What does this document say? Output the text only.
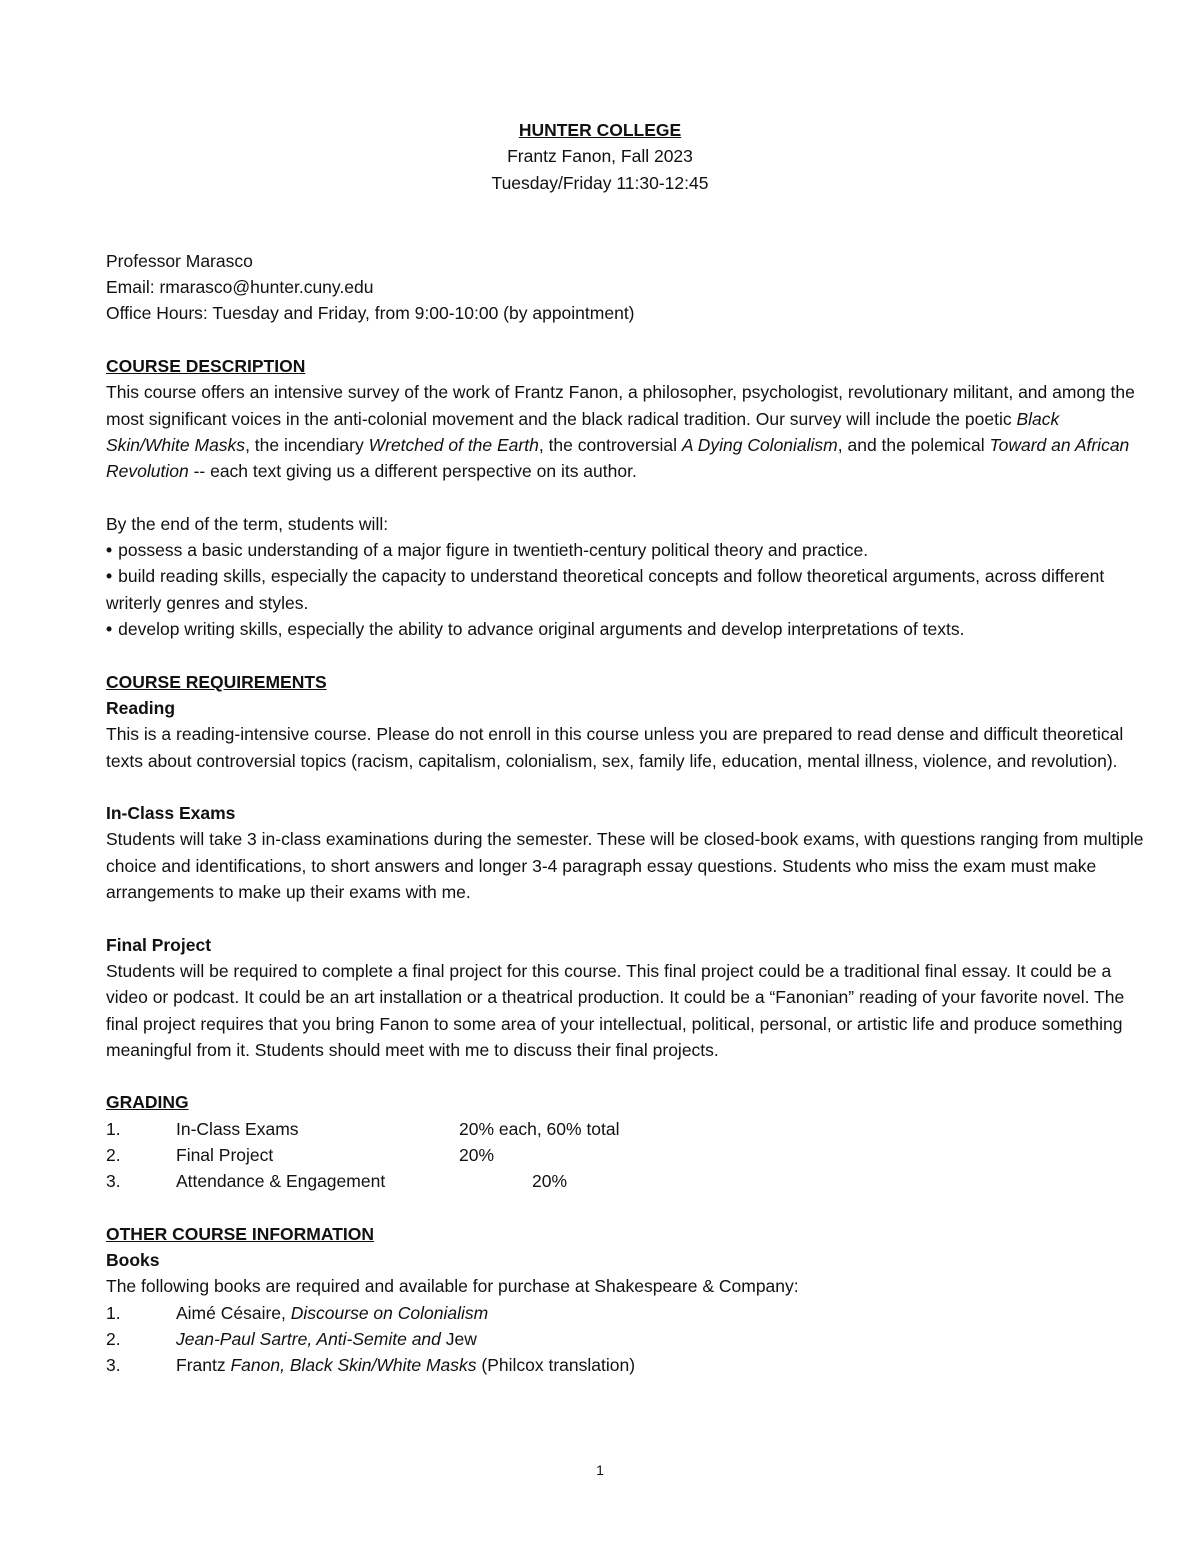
HUNTER COLLEGE
Frantz Fanon, Fall 2023
Tuesday/Friday 11:30-12:45
Professor Marasco
Email: rmarasco@hunter.cuny.edu
Office Hours: Tuesday and Friday, from 9:00-10:00 (by appointment)
COURSE DESCRIPTION

This course offers an intensive survey of the work of Frantz Fanon, a philosopher, psychologist, revolutionary militant, and among the most significant voices in the anti-colonial movement and the black radical tradition. Our survey will include the poetic Black Skin/White Masks, the incendiary Wretched of the Earth, the controversial A Dying Colonialism, and the polemical Toward an African Revolution -- each text giving us a different perspective on its author.

By the end of the term, students will:
• possess a basic understanding of a major figure in twentieth-century political theory and practice.
• build reading skills, especially the capacity to understand theoretical concepts and follow theoretical arguments, across different writerly genres and styles.
• develop writing skills, especially the ability to advance original arguments and develop interpretations of texts.
COURSE REQUIREMENTS
Reading

This is a reading-intensive course. Please do not enroll in this course unless you are prepared to read dense and difficult theoretical texts about controversial topics (racism, capitalism, colonialism, sex, family life, education, mental illness, violence, and revolution).

In-Class Exams

Students will take 3 in-class examinations during the semester. These will be closed-book exams, with questions ranging from multiple choice and identifications, to short answers and longer 3-4 paragraph essay questions. Students who miss the exam must make arrangements to make up their exams with me.

Final Project

Students will be required to complete a final project for this course. This final project could be a traditional final essay. It could be a video or podcast. It could be an art installation or a theatrical production. It could be a “Fanonian” reading of your favorite novel. The final project requires that you bring Fanon to some area of your intellectual, political, personal, or artistic life and produce something meaningful from it. Students should meet with me to discuss their final projects.

GRADING
1.	In-Class Exams	20% each, 60% total
2.	Final Project	20%
3.	Attendance & Engagement	20%
OTHER COURSE INFORMATION
Books
The following books are required and available for purchase at Shakespeare & Company:
1.	Aimé Césaire, Discourse on Colonialism
2.	Jean-Paul Sartre, Anti-Semite and Jew
3.	Frantz Fanon, Black Skin/White Masks (Philcox translation)
1
